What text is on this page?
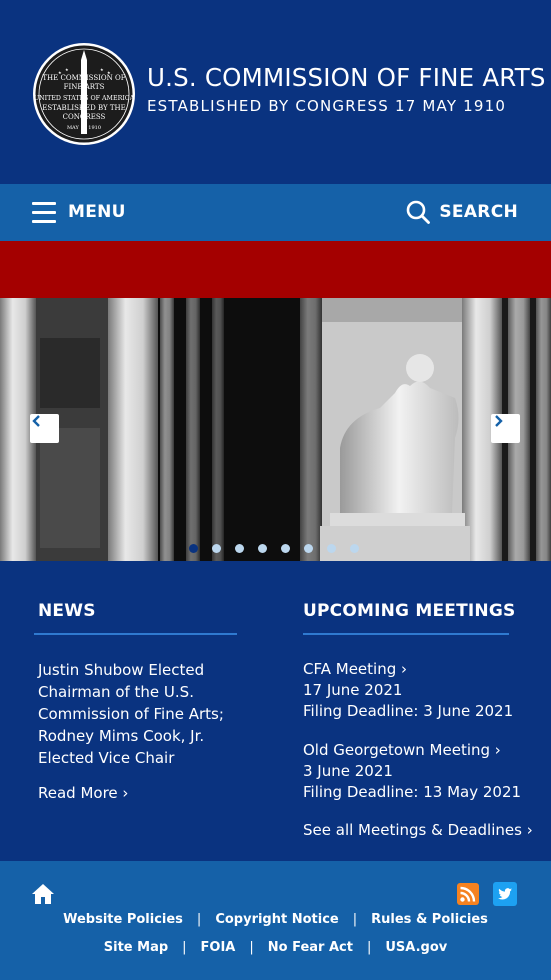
★
★	★
★
THE COMMISSION OF
FINE ARTS
UNITED STATES OF AMERICA
ESTABLISHED BY THE
CONGRESS
MAY 17 1910
U.S. COMMISSION OF FINE ARTS
ESTABLISHED BY CONGRESS 17 MAY 1910
MENU	SEARCH
NEWS
Justin Shubow Elected Chairman of the U.S. Commission of Fine Arts; Rodney Mims Cook, Jr. Elected Vice Chair
Read More ›
UPCOMING MEETINGS
CFA Meeting ›
17 June 2021
Filing Deadline: 3 June 2021
Old Georgetown Meeting ›
3 June 2021
Filing Deadline: 13 May 2021
See all Meetings & Deadlines ›
Website Policies | Copyright Notice | Rules & Policies
Site Map | FOIA | No Fear Act | USA.gov
